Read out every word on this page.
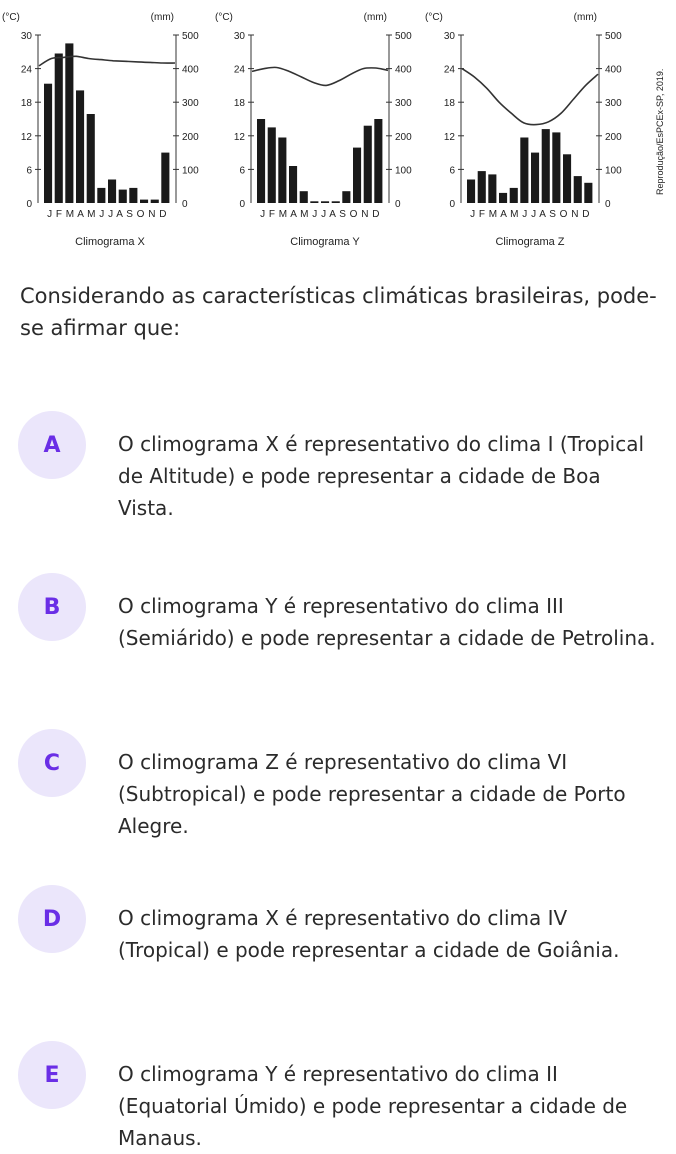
(°C)	(mm)
0
6
12
18
24
30
0
100
200
300
400
500
J F M A M J J A S O N D
Climograma X
(°C)	(mm)
0
6
12
18
24
30
0
100
200
300
400
500
J F M A M J J A S O N D
Climograma Y
(°C)	(mm)
0
6
12
18
24
30
0
100
200
300
400
500
J F M A M J J A S O N D
Climograma Z
Reprodução/EsPCEx-SP, 2019.

Considerando as características climáticas brasileiras, pode-se afirmar que:

A	O climograma X é representativo do clima I (Tropical de Altitude) e pode representar a cidade de Boa Vista.
B	O climograma Y é representativo do clima III (Semiárido) e pode representar a cidade de Petrolina.
C	O climograma Z é representativo do clima VI (Subtropical) e pode representar a cidade de Porto Alegre.
D	O climograma X é representativo do clima IV (Tropical) e pode representar a cidade de Goiânia.
E	O climograma Y é representativo do clima II (Equatorial Úmido) e pode representar a cidade de Manaus.
